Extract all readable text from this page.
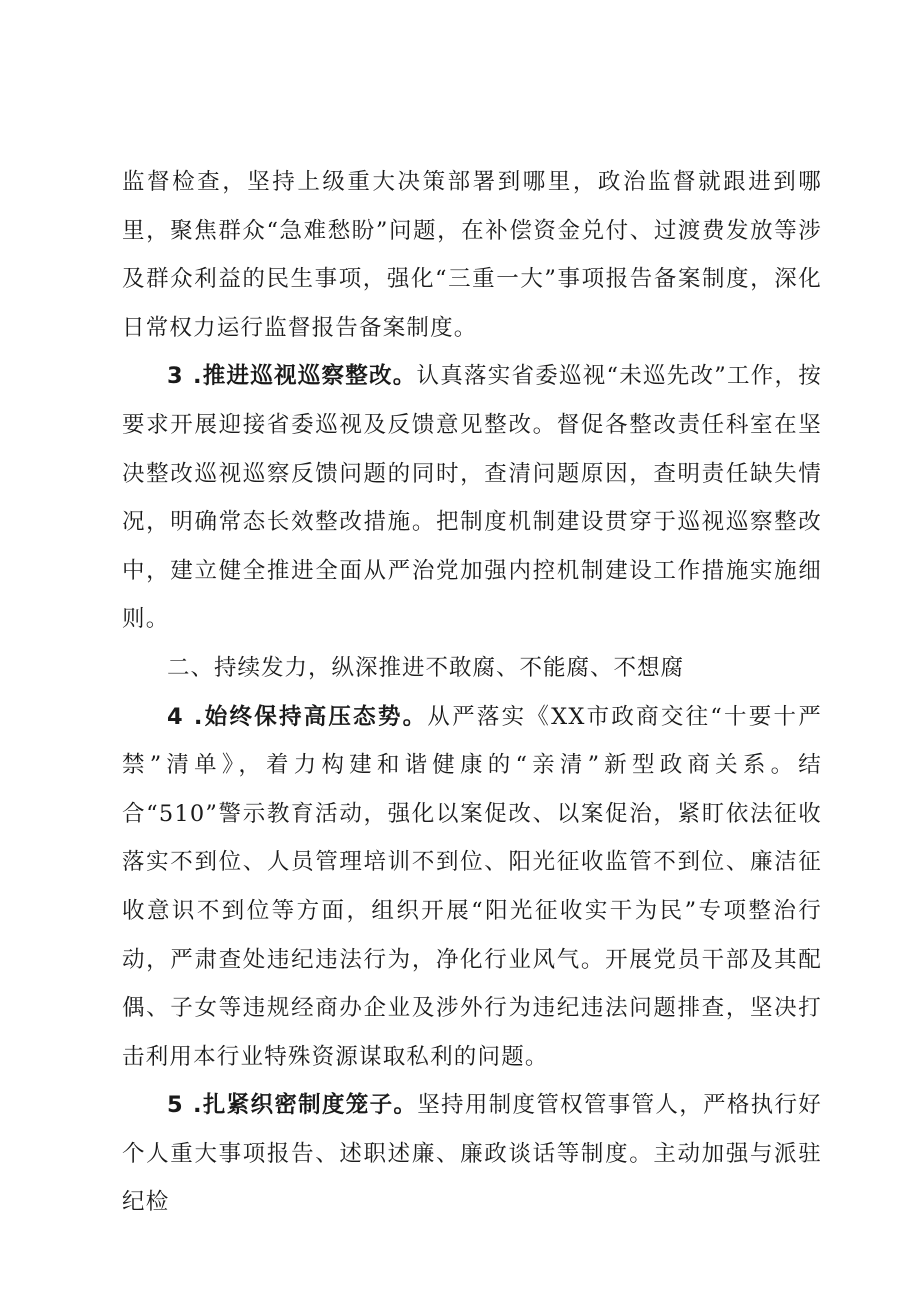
监督检查，坚持上级重大决策部署到哪里，政治监督就跟进到哪里，聚焦群众“急难愁盼”问题，在补偿资金兑付、过渡费发放等涉及群众利益的民生事项，强化“三重一大”事项报告备案制度，深化日常权力运行监督报告备案制度。

3 .推进巡视巡察整改。认真落实省委巡视“未巡先改”工作，按要求开展迎接省委巡视及反馈意见整改。督促各整改责任科室在坚决整改巡视巡察反馈问题的同时，查清问题原因，查明责任缺失情况，明确常态长效整改措施。把制度机制建设贯穿于巡视巡察整改中，建立健全推进全面从严治党加强内控机制建设工作措施实施细则。

二、持续发力，纵深推进不敢腐、不能腐、不想腐

4 .始终保持高压态势。从严落实《XX市政商交往“十要十严禁”清单》，着力构建和谐健康的“亲清”新型政商关系。结合“510”警示教育活动，强化以案促改、以案促治，紧盯依法征收落实不到位、人员管理培训不到位、阳光征收监管不到位、廉洁征收意识不到位等方面，组织开展“阳光征收实干为民”专项整治行动，严肃查处违纪违法行为，净化行业风气。开展党员干部及其配偶、子女等违规经商办企业及涉外行为违纪违法问题排查，坚决打击利用本行业特殊资源谋取私利的问题。

5 .扎紧织密制度笼子。坚持用制度管权管事管人，严格执行好个人重大事项报告、述职述廉、廉政谈话等制度。主动加强与派驻纪检
